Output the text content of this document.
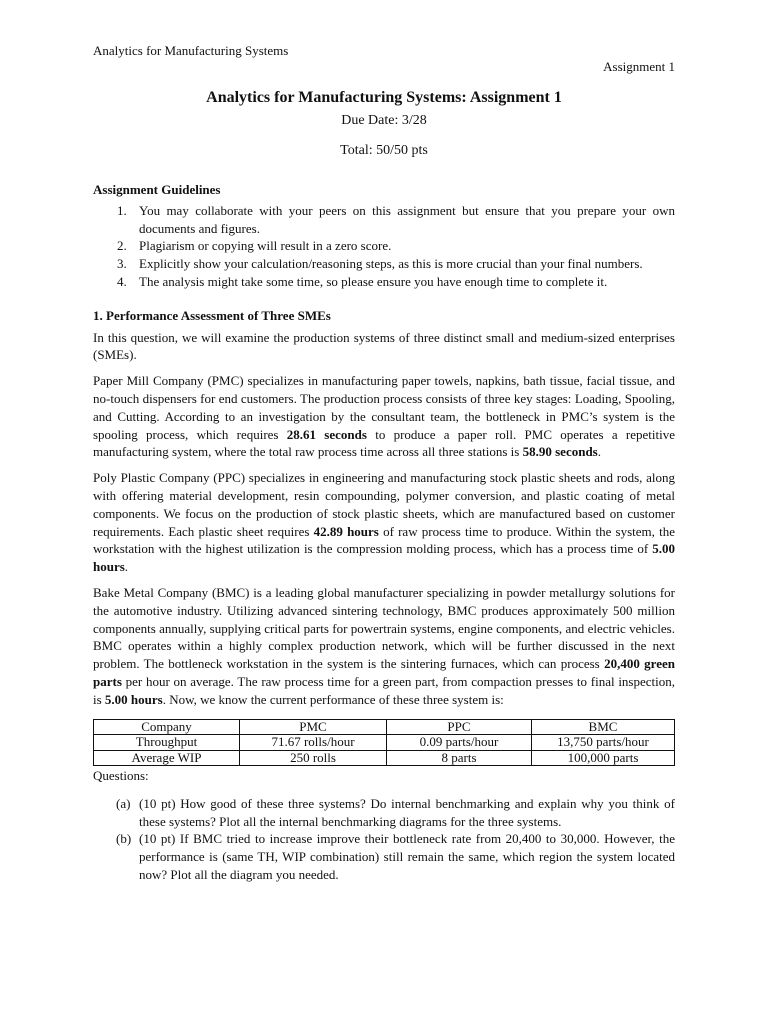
Analytics for Manufacturing Systems
Assignment 1
Analytics for Manufacturing Systems: Assignment 1
Due Date: 3/28
Total: 50/50 pts
Assignment Guidelines
1. You may collaborate with your peers on this assignment but ensure that you prepare your own documents and figures.
2. Plagiarism or copying will result in a zero score.
3. Explicitly show your calculation/reasoning steps, as this is more crucial than your final numbers.
4. The analysis might take some time, so please ensure you have enough time to complete it.
1. Performance Assessment of Three SMEs

In this question, we will examine the production systems of three distinct small and medium-sized enterprises (SMEs).

Paper Mill Company (PMC) specializes in manufacturing paper towels, napkins, bath tissue, facial tissue, and no-touch dispensers for end customers. The production process consists of three key stages: Loading, Spooling, and Cutting. According to an investigation by the consultant team, the bottleneck in PMC’s system is the spooling process, which requires 28.61 seconds to produce a paper roll. PMC operates a repetitive manufacturing system, where the total raw process time across all three stations is 58.90 seconds.

Poly Plastic Company (PPC) specializes in engineering and manufacturing stock plastic sheets and rods, along with offering material development, resin compounding, polymer conversion, and plastic coating of metal components. We focus on the production of stock plastic sheets, which are manufactured based on customer requirements. Each plastic sheet requires 42.89 hours of raw process time to produce. Within the system, the workstation with the highest utilization is the compression molding process, which has a process time of 5.00 hours.

Bake Metal Company (BMC) is a leading global manufacturer specializing in powder metallurgy solutions for the automotive industry. Utilizing advanced sintering technology, BMC produces approximately 500 million components annually, supplying critical parts for powertrain systems, engine components, and electric vehicles. BMC operates within a highly complex production network, which will be further discussed in the next problem. The bottleneck workstation in the system is the sintering furnaces, which can process 20,400 green parts per hour on average. The raw process time for a green part, from compaction presses to final inspection, is 5.00 hours. Now, we know the current performance of these three system is:

Company	PMC	PPC	BMC
Throughput	71.67 rolls/hour	0.09 parts/hour	13,750 parts/hour
Average WIP	250 rolls	8 parts	100,000 parts
Questions:
(a) (10 pt) How good of these three systems? Do internal benchmarking and explain why you think of these systems? Plot all the internal benchmarking diagrams for the three systems.
(b) (10 pt) If BMC tried to increase improve their bottleneck rate from 20,400 to 30,000. However, the performance is (same TH, WIP combination) still remain the same, which region the system located now? Plot all the diagram you needed.
